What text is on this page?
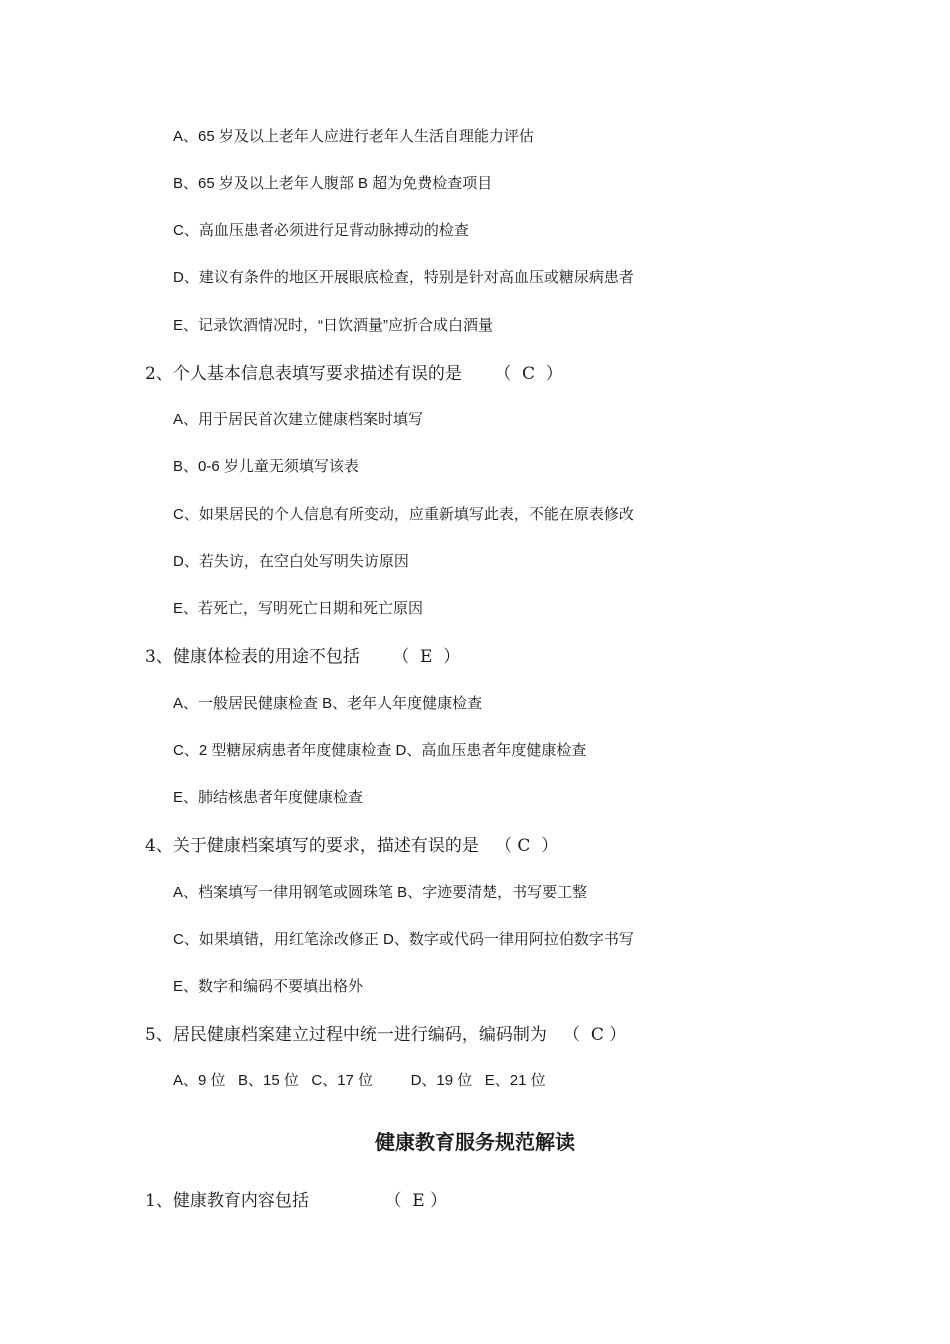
A、65 岁及以上老年人应进行老年人生活自理能力评估
B、65 岁及以上老年人腹部 B 超为免费检查项目
C、高血压患者必须进行足背动脉搏动的检查
D、建议有条件的地区开展眼底检查，特别是针对高血压或糖尿病患者
E、记录饮酒情况时，“日饮酒量”应折合成白酒量
2、个人基本信息表填写要求描述有误的是      （  C  ）
A、用于居民首次建立健康档案时填写
B、0-6 岁儿童无须填写该表
C、如果居民的个人信息有所变动，应重新填写此表，不能在原表修改
D、若失访，在空白处写明失访原因
E、若死亡，写明死亡日期和死亡原因
3、健康体检表的用途不包括      （  E  ）
A、一般居民健康检查 B、老年人年度健康检查
C、2 型糖尿病患者年度健康检查 D、高血压患者年度健康检查
E、肺结核患者年度健康检查
4、关于健康档案填写的要求，描述有误的是   （ C  ）
A、档案填写一律用钢笔或圆珠笔 B、字迹要清楚，书写要工整
C、如果填错，用红笔涂改修正 D、数字或代码一律用阿拉伯数字书写
E、数字和编码不要填出格外
5、居民健康档案建立过程中统一进行编码，编码制为   （  C ）
A、9 位   B、15 位   C、17 位         D、19 位   E、21 位
健康教育服务规范解读
1、健康教育内容包括              （  E ）
